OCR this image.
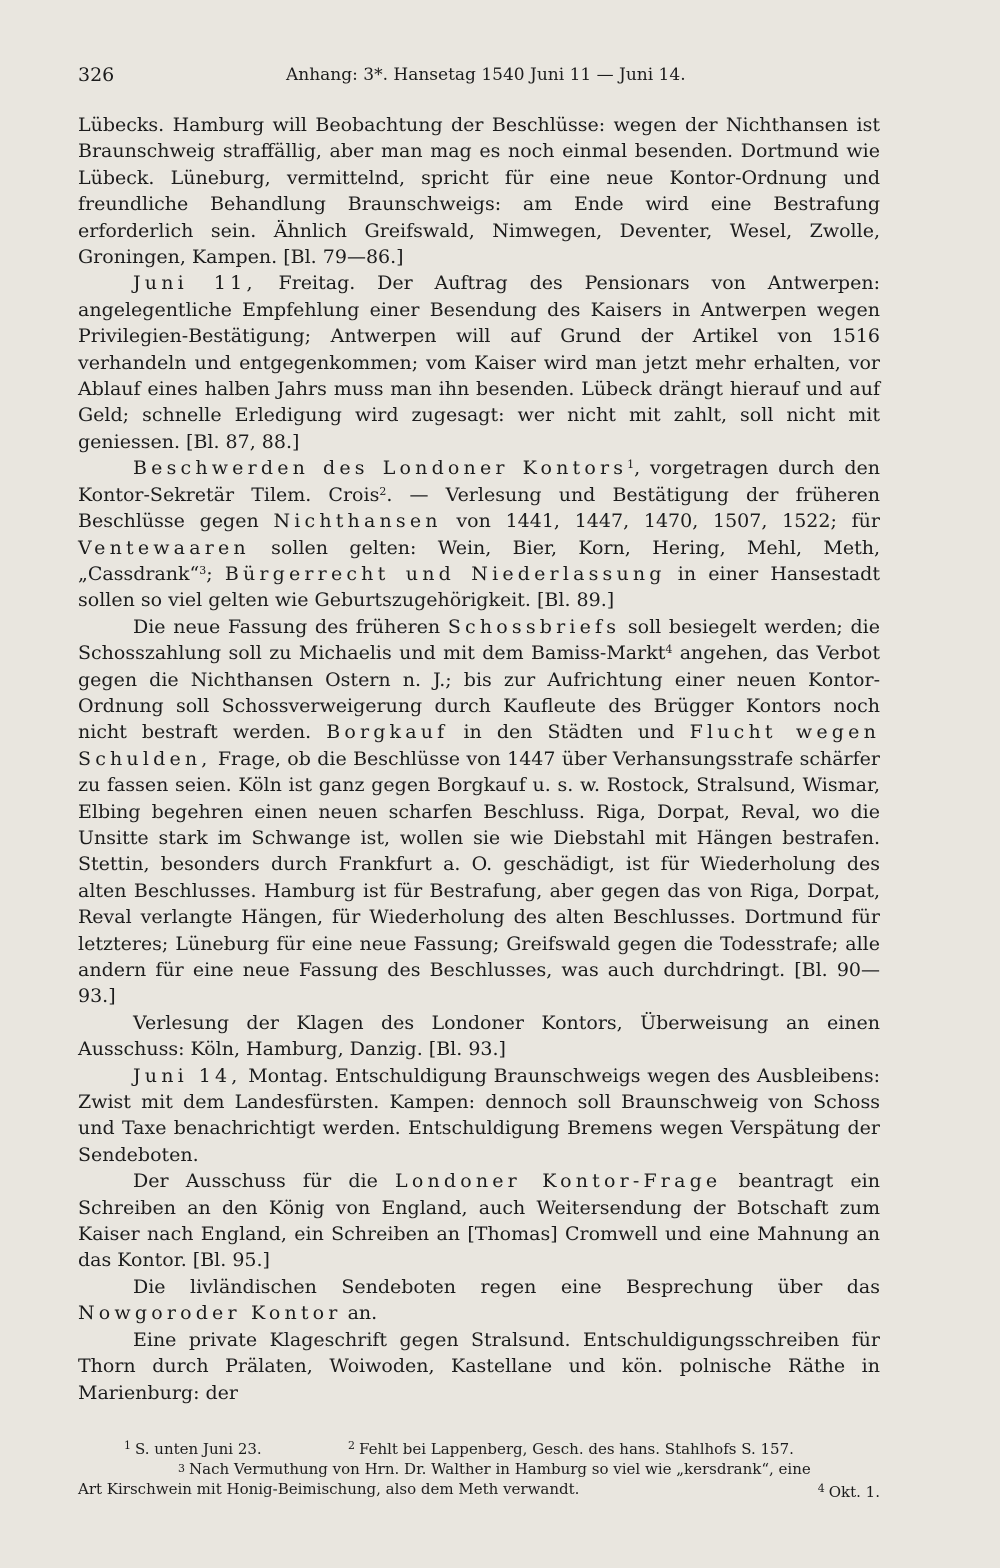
326	Anhang: 3*. Hansetag 1540 Juni 11 — Juni 14.

Lübecks. Hamburg will Beobachtung der Beschlüsse: wegen der Nichthansen ist Braunschweig straffällig, aber man mag es noch einmal besenden. Dortmund wie Lübeck. Lüneburg, vermittelnd, spricht für eine neue Kontor-Ordnung und freundliche Behandlung Braunschweigs: am Ende wird eine Bestrafung erforderlich sein. Ähnlich Greifswald, Nimwegen, Deventer, Wesel, Zwolle, Groningen, Kampen. [Bl. 79—86.]

Juni 11, Freitag. Der Auftrag des Pensionars von Antwerpen: angelegentliche Empfehlung einer Besendung des Kaisers in Antwerpen wegen Privilegien-Bestätigung; Antwerpen will auf Grund der Artikel von 1516 verhandeln und entgegenkommen; vom Kaiser wird man jetzt mehr erhalten, vor Ablauf eines halben Jahrs muss man ihn besenden. Lübeck drängt hierauf und auf Geld; schnelle Erledigung wird zugesagt: wer nicht mit zahlt, soll nicht mit geniessen. [Bl. 87, 88.]

Beschwerden des Londoner Kontors$^1$, vorgetragen durch den Kontor-Sekretär Tilem. Crois$^2$. — Verlesung und Bestätigung der früheren Beschlüsse gegen Nichthansen von 1441, 1447, 1470, 1507, 1522; für Ventewaaren sollen gelten: Wein, Bier, Korn, Hering, Mehl, Meth, „Cassdrank“$^3$; Bürgerrecht und Niederlassung in einer Hansestadt sollen so viel gelten wie Geburtszugehörigkeit. [Bl. 89.]

Die neue Fassung des früheren Schossbriefs soll besiegelt werden; die Schosszahlung soll zu Michaelis und mit dem Bamiss-Markt$^4$ angehen, das Verbot gegen die Nichthansen Ostern n. J.; bis zur Aufrichtung einer neuen Kontor-Ordnung soll Schossverweigerung durch Kaufleute des Brügger Kontors noch nicht bestraft werden. Borgkauf in den Städten und Flucht wegen Schulden, Frage, ob die Beschlüsse von 1447 über Verhansungsstrafe schärfer zu fassen seien. Köln ist ganz gegen Borgkauf u. s. w. Rostock, Stralsund, Wismar, Elbing begehren einen neuen scharfen Beschluss. Riga, Dorpat, Reval, wo die Unsitte stark im Schwange ist, wollen sie wie Diebstahl mit Hängen bestrafen. Stettin, besonders durch Frankfurt a. O. geschädigt, ist für Wiederholung des alten Beschlusses. Hamburg ist für Bestrafung, aber gegen das von Riga, Dorpat, Reval verlangte Hängen, für Wiederholung des alten Beschlusses. Dortmund für letzteres; Lüneburg für eine neue Fassung; Greifswald gegen die Todesstrafe; alle andern für eine neue Fassung des Beschlusses, was auch durchdringt. [Bl. 90—93.]

Verlesung der Klagen des Londoner Kontors, Überweisung an einen Ausschuss: Köln, Hamburg, Danzig. [Bl. 93.]

Juni 14, Montag. Entschuldigung Braunschweigs wegen des Ausbleibens: Zwist mit dem Landesfürsten. Kampen: dennoch soll Braunschweig von Schoss und Taxe benachrichtigt werden. Entschuldigung Bremens wegen Verspätung der Sendeboten.

Der Ausschuss für die Londoner Kontor-Frage beantragt ein Schreiben an den König von England, auch Weitersendung der Botschaft zum Kaiser nach England, ein Schreiben an [Thomas] Cromwell und eine Mahnung an das Kontor. [Bl. 95.]

Die livländischen Sendeboten regen eine Besprechung über das Nowgoroder Kontor an.

Eine private Klageschrift gegen Stralsund. Entschuldigungsschreiben für Thorn durch Prälaten, Woiwoden, Kastellane und kön. polnische Räthe in Marienburg: der

$^1$ S. unten Juni 23.	$^2$ Fehlt bei Lappenberg, Gesch. des hans. Stahlhofs S. 157.
3 Nach Vermuthung von Hrn. Dr. Walther in Hamburg so viel wie „kersdrank“, eine
Art Kirschwein mit Honig-Beimischung, also dem Meth verwandt.	$^4$ Okt. 1.
